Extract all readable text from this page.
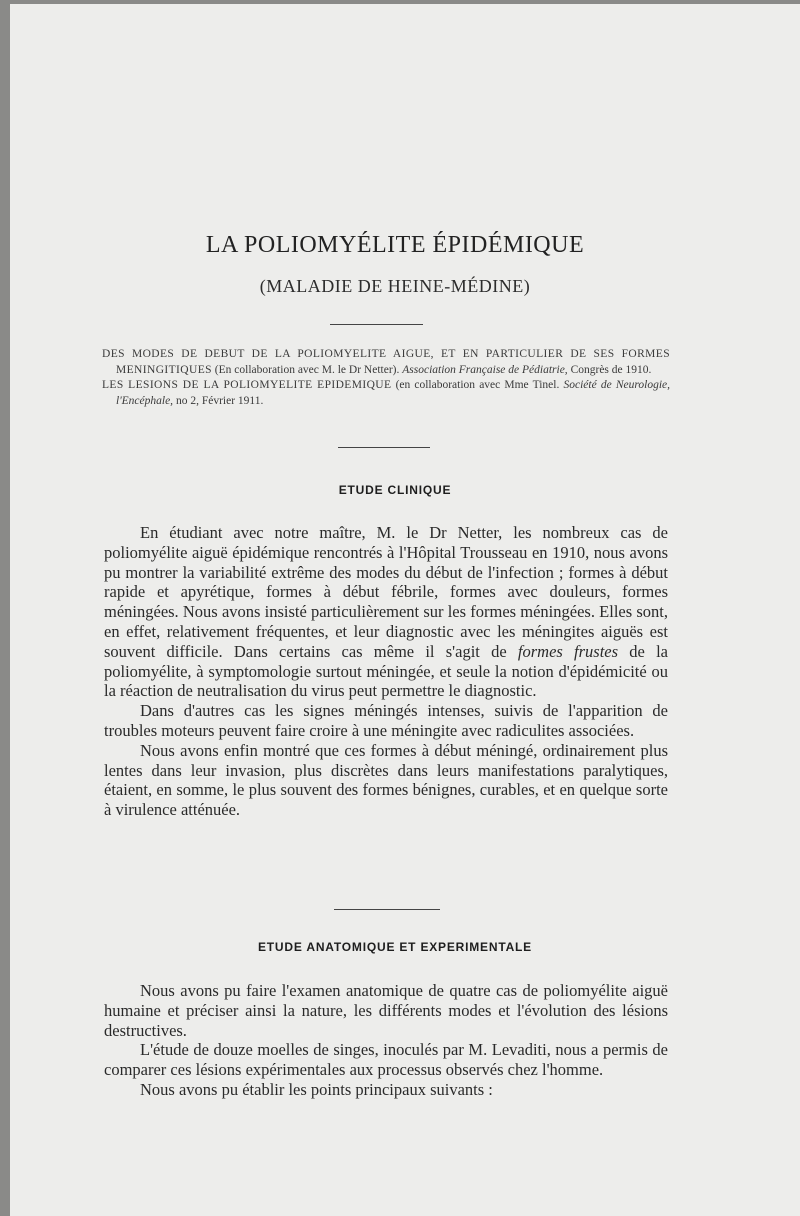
LA POLIOMYÉLITE ÉPIDÉMIQUE
(MALADIE DE HEINE-MÉDINE)

DES MODES DE DEBUT DE LA POLIOMYELITE AIGUE, ET EN PARTICULIER DE SES FORMES MENINGITIQUES (En collaboration avec M. le Dr Netter). Association Française de Pédiatrie, Congrès de 1910.

LES LESIONS DE LA POLIOMYELITE EPIDEMIQUE (en collaboration avec Mme Tinel. Société de Neurologie, l'Encéphale, no 2, Février 1911.

ETUDE CLINIQUE

En étudiant avec notre maître, M. le Dr Netter, les nombreux cas de poliomyélite aiguë épidémique rencontrés à l'Hôpital Trousseau en 1910, nous avons pu montrer la variabilité extrême des modes du début de l'infection ; formes à début rapide et apyrétique, formes à début fébrile, formes avec douleurs, formes méningées. Nous avons insisté particulièrement sur les formes méningées. Elles sont, en effet, relativement fréquentes, et leur diagnostic avec les méningites aiguës est souvent difficile. Dans certains cas même il s'agit de formes frustes de la poliomyélite, à symptomologie surtout méningée, et seule la notion d'épidémicité ou la réaction de neutralisation du virus peut permettre le diagnostic.

Dans d'autres cas les signes méningés intenses, suivis de l'apparition de troubles moteurs peuvent faire croire à une méningite avec radiculites associées.

Nous avons enfin montré que ces formes à début méningé, ordinairement plus lentes dans leur invasion, plus discrètes dans leurs manifestations paralytiques, étaient, en somme, le plus souvent des formes bénignes, curables, et en quelque sorte à virulence atténuée.

ETUDE ANATOMIQUE ET EXPERIMENTALE

Nous avons pu faire l'examen anatomique de quatre cas de poliomyélite aiguë humaine et préciser ainsi la nature, les différents modes et l'évolution des lésions destructives.

L'étude de douze moelles de singes, inoculés par M. Levaditi, nous a permis de comparer ces lésions expérimentales aux processus observés chez l'homme.

Nous avons pu établir les points principaux suivants :
